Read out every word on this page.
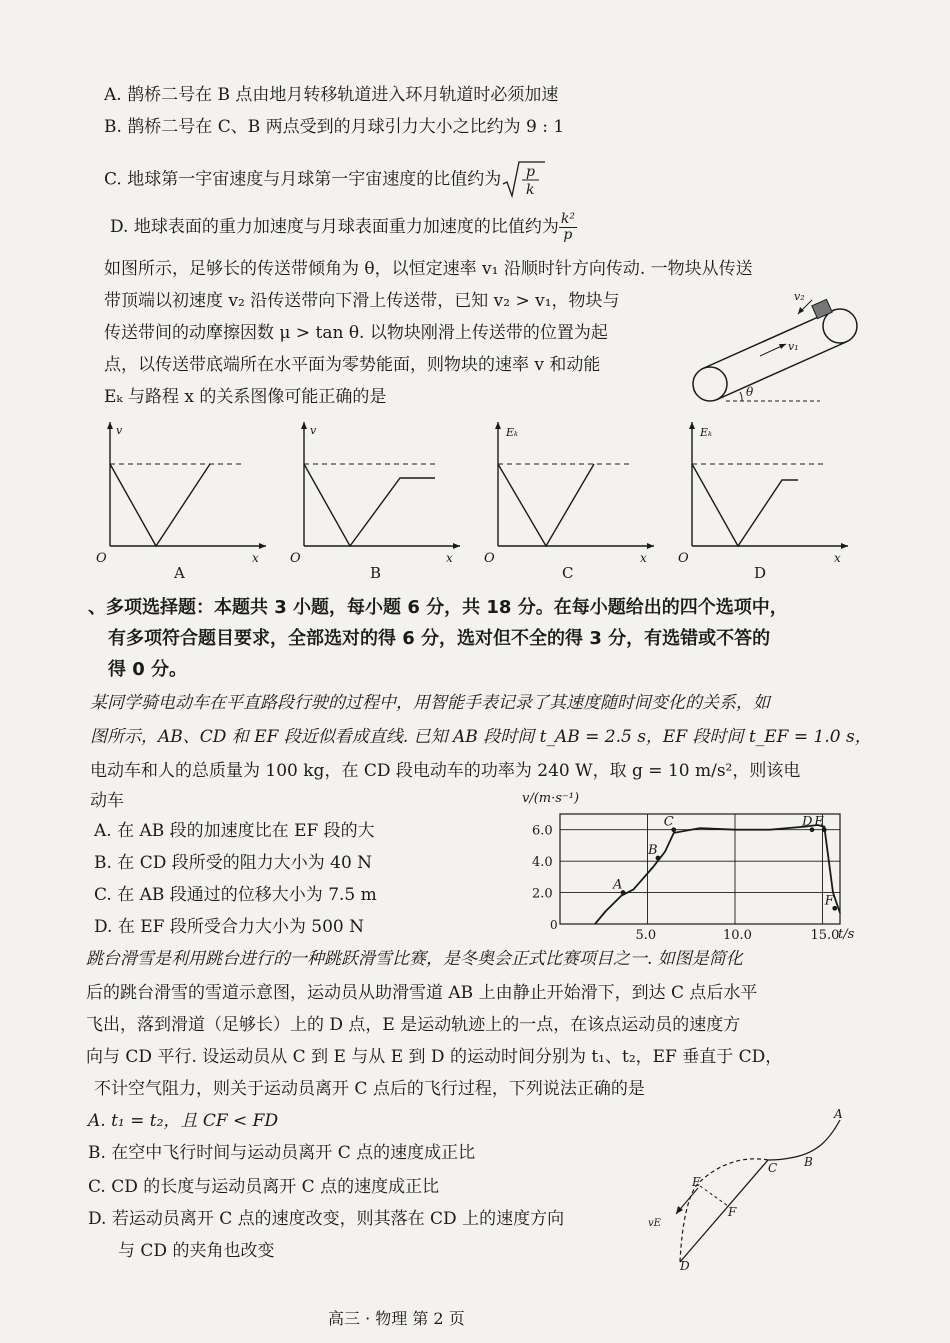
A. 鹊桥二号在 B 点由地月转移轨道进入环月轨道时必须加速
B. 鹊桥二号在 C、B 两点受到的月球引力大小之比约为 9 : 1
C. 地球第一宇宙速度与月球第一宇宙速度的比值约为 p
k
D. 地球表面的重力加速度与月球表面重力加速度的比值约为 $\frac{\text{k²}}{p}$
如图所示，足够长的传送带倾角为 θ，以恒定速率 v₁ 沿顺时针方向传动. 一物块从传送
带顶端以初速度 v₂ 沿传送带向下滑上传送带，已知 v₂ > v₁，物块与
传送带间的动摩擦因数 μ > tan θ. 以物块刚滑上传送带的位置为起
点，以传送带底端所在水平面为零势能面，则物块的速率 v 和动能
Eₖ 与路程 x 的关系图像可能正确的是
v₂
v₁
θ
v
x
O
A
v
x
O
B
Eₖ
x
O
C
Eₖ
x
O
D
、多项选择题：本题共 3 小题，每小题 6 分，共 18 分。在每小题给出的四个选项中，
有多项符合题目要求，全部选对的得 6 分，选对但不全的得 3 分，有选错或不答的
得 0 分。
某同学骑电动车在平直路段行驶的过程中，用智能手表记录了其速度随时间变化的关系，如
图所示，AB、CD 和 EF 段近似看成直线. 已知 AB 段时间 t_AB = 2.5 s，EF 段时间 t_EF = 1.0 s，
电动车和人的总质量为 100 kg，在 CD 段电动车的功率为 240 W，取 g = 10 m/s²，则该电
动车
A. 在 AB 段的加速度比在 EF 段的大
B. 在 CD 段所受的阻力大小为 40 N
C. 在 AB 段通过的位移大小为 7.5 m
D. 在 EF 段所受合力大小为 500 N
A
B
C	D E
F
2.0
4.0
6.0
5.0	10.0	15.0
v/(m·s⁻¹)
t/s
0
跳台滑雪是利用跳台进行的一种跳跃滑雪比赛，是冬奥会正式比赛项目之一. 如图是简化
后的跳台滑雪的雪道示意图，运动员从助滑雪道 AB 上由静止开始滑下，到达 C 点后水平
飞出，落到滑道（足够长）上的 D 点，E 是运动轨迹上的一点，在该点运动员的速度方
向与 CD 平行. 设运动员从 C 到 E 与从 E 到 D 的运动时间分别为 t₁、t₂，EF 垂直于 CD，
不计空气阻力，则关于运动员离开 C 点后的飞行过程，下列说法正确的是
A. t₁ = t₂，且 CF < FD
B. 在空中飞行时间与运动员离开 C 点的速度成正比
C. CD 的长度与运动员离开 C 点的速度成正比
D. 若运动员离开 C 点的速度改变，则其落在 CD 上的速度方向
与 CD 的夹角也改变
A
B
C
D
E
F
vE
高三 · 物理 第 2 页
